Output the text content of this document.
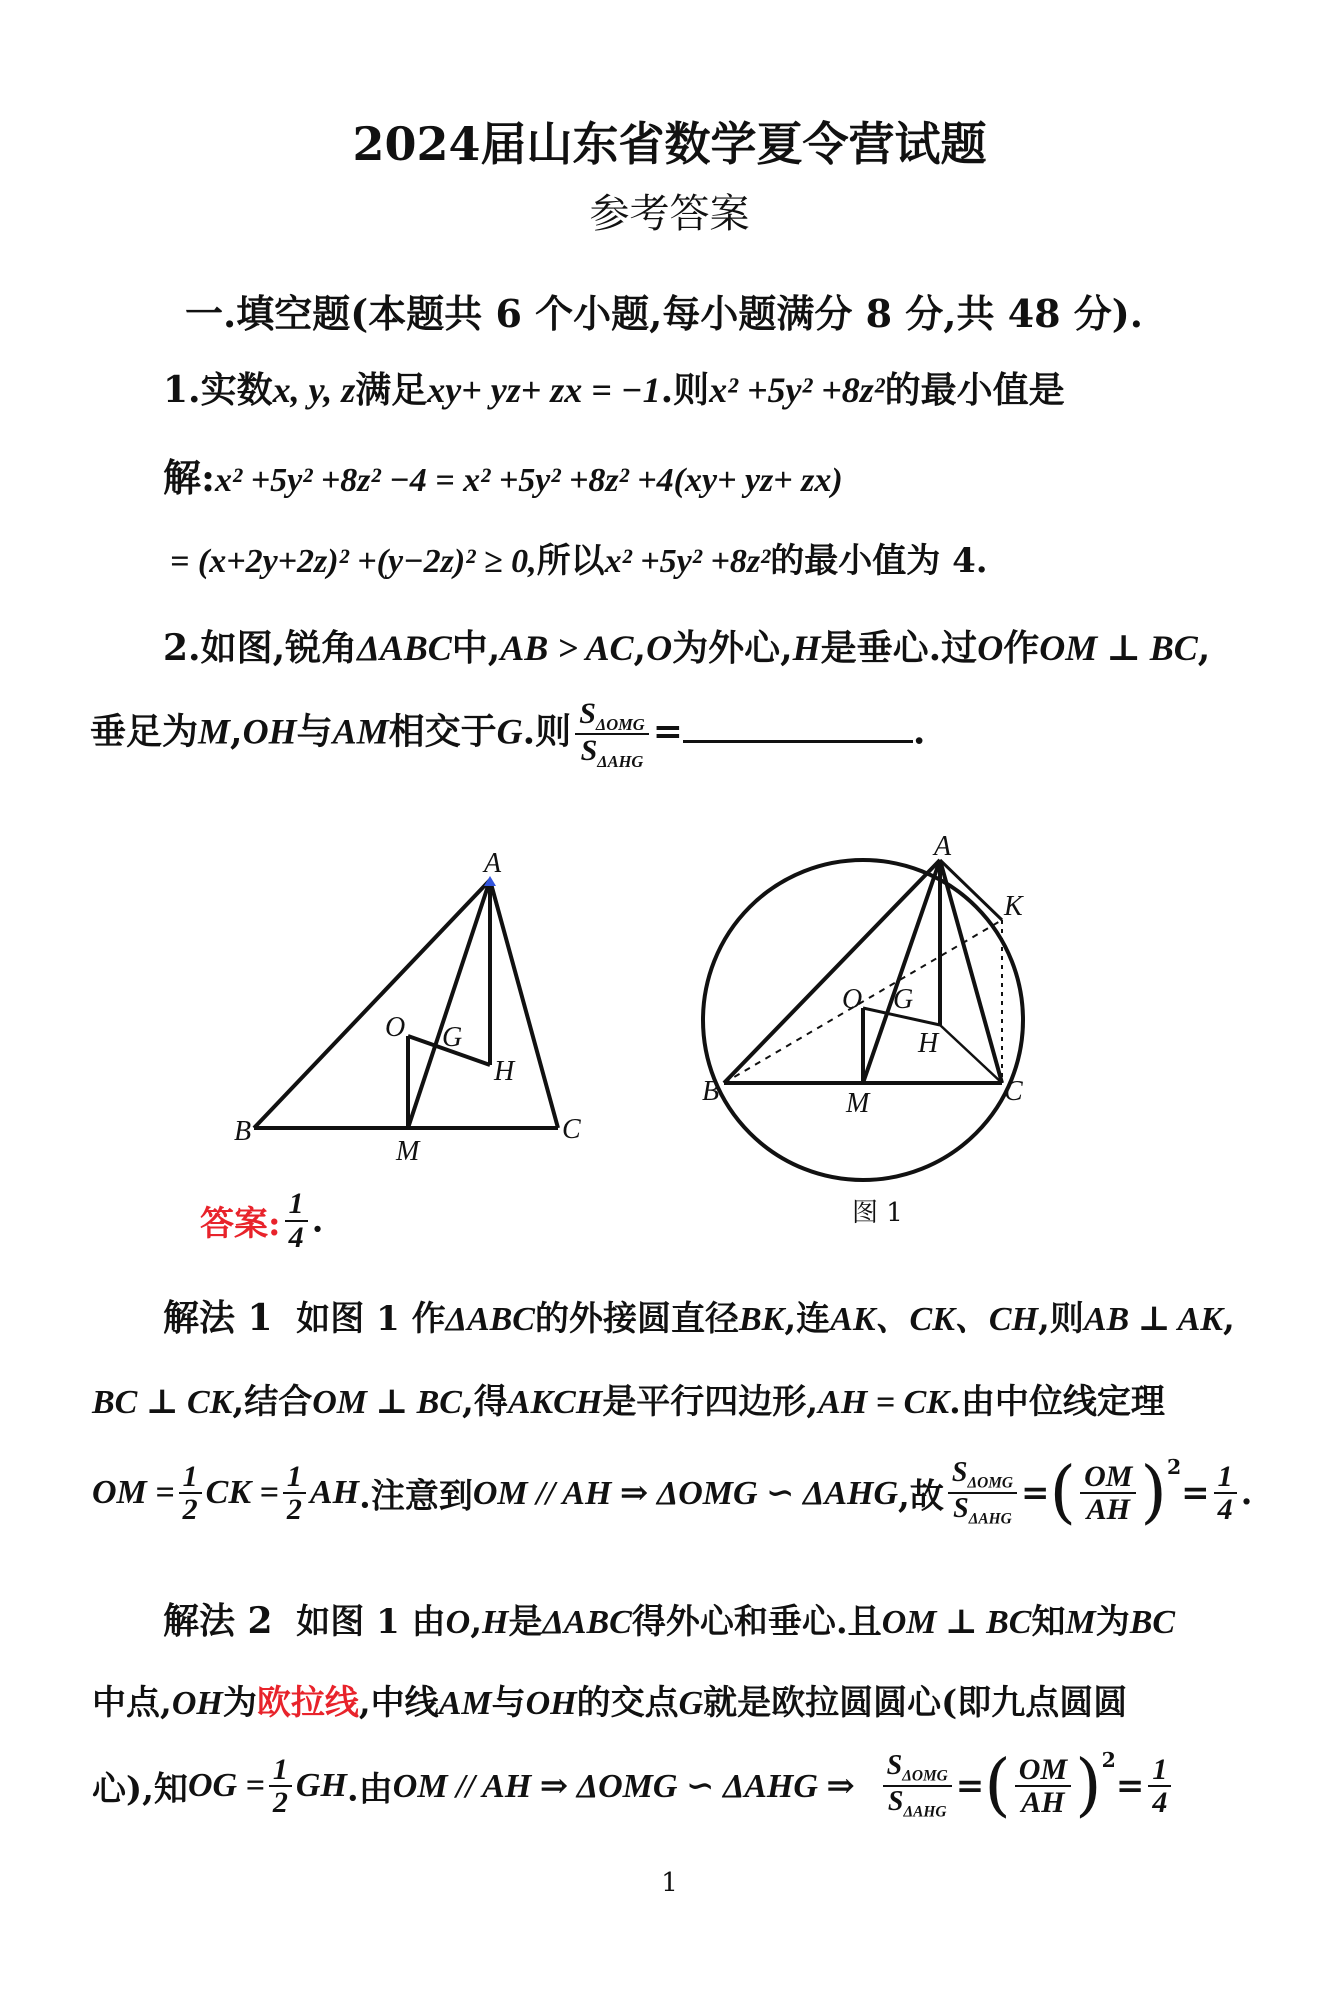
2024届山东省数学夏令营试题
参考答案
一.填空题(本题共 6 个小题,每小题满分 8 分,共 48 分).
1.实数x, y, z满足xy+ yz+ zx = −1.则x² +5y² +8z²的最小值是
解:x² +5y² +8z² −4 = x² +5y² +8z² +4(xy+ yz+ zx)
= (x+2y+2z)² +(y−2z)² ≥ 0,所以x² +5y² +8z²的最小值为 4.
2.如图,锐角ΔABC中,AB > AC,O为外心,H是垂心.过O作OM ⊥ BC,
垂足为M,OH与AM相交于G.则 $\frac{S_{\Delta OMG}}{S_{\Delta AHG}}$ =	.
A
O G
H
B
M
C
A
K
O G
H
B	M	C
答案: $\frac{1}{4}$ .	图 1
解法 1 如图 1 作ΔABC的外接圆直径BK,连AK、CK、CH,则AB ⊥ AK,
BC ⊥ CK,结合OM ⊥ BC,得AKCH是平行四边形,AH = CK.由中位线定理
OM = $\frac{1}{2}$ CK = $\frac{1}{2}$ AH.注意到OM // AH ⇒ ΔOMG ∽ ΔAHG,故 $\frac{S_{\Delta OMG}}{S_{\Delta AHG}}$ =( $\frac{OM}{AH} )^2= \frac{1}{4}$ .
解法 2 如图 1 由O,H是ΔABC得外心和垂心.且OM ⊥ BC知M为BC
中点,OH为欧拉线,中线AM与OH的交点G就是欧拉圆圆心(即九点圆圆
心),知OG = $\frac{1}{2}$ GH.由OM // AH ⇒ ΔOMG ∽ ΔAHG ⇒ $\frac{S_{\Delta OMG}}{S_{\Delta AHG}}$ =( $\frac{OM}{AH} )^2= \frac{1}{4}$
1
